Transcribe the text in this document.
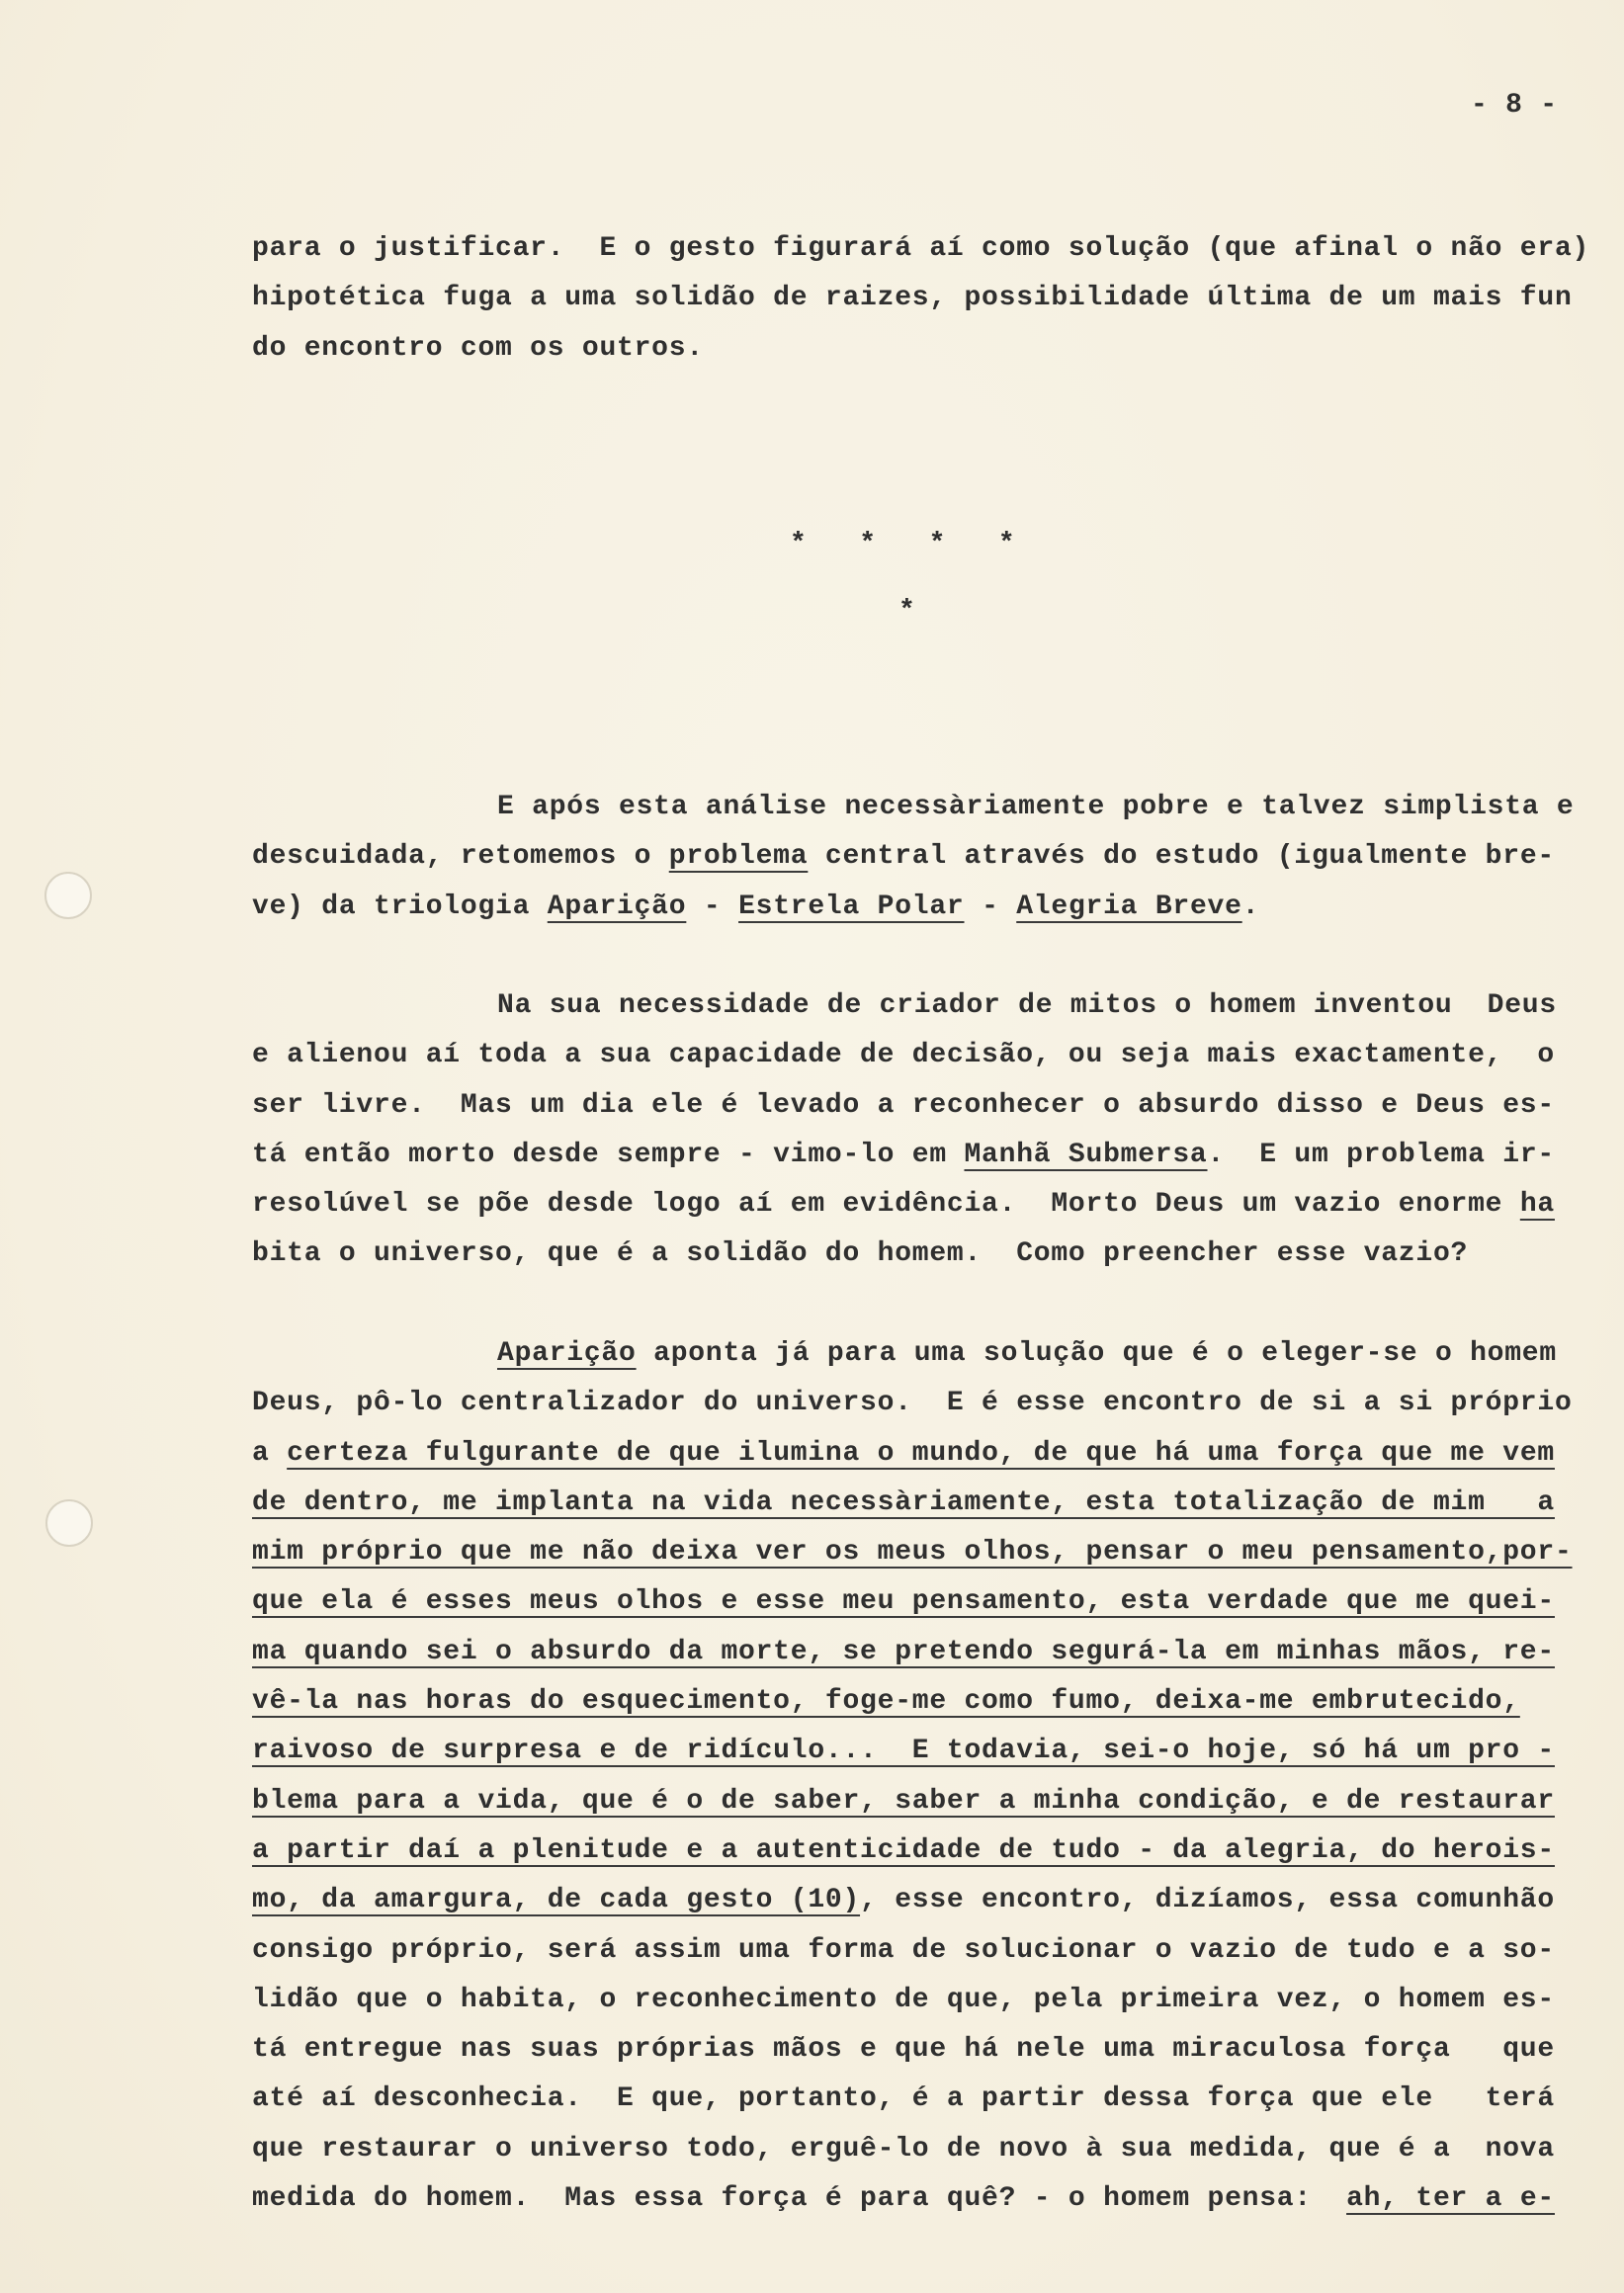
- 8 -
para o justificar.  E o gesto figurará aí como solução (que afinal o não era)
hipotética fuga a uma solidão de raizes, possibilidade última de um mais fun
do encontro com os outros.
*   *   *   *
*
E após esta análise necessàriamente pobre e talvez simplista e
descuidada, retomemos o problema central através do estudo (igualmente bre-
ve) da triologia Aparição - Estrela Polar - Alegria Breve.
Na sua necessidade de criador de mitos o homem inventou  Deus
e alienou aí toda a sua capacidade de decisão, ou seja mais exactamente,  o
ser livre.  Mas um dia ele é levado a reconhecer o absurdo disso e Deus es-
tá então morto desde sempre - vimo-lo em Manhã Submersa.  E um problema ir-
resolúvel se põe desde logo aí em evidência.  Morto Deus um vazio enorme ha
bita o universo, que é a solidão do homem.  Como preencher esse vazio?
Aparição aponta já para uma solução que é o eleger-se o homem
Deus, pô-lo centralizador do universo.  E é esse encontro de si a si próprio
a certeza fulgurante de que ilumina o mundo, de que há uma força que me vem
de dentro, me implanta na vida necessàriamente, esta totalização de mim   a
mim próprio que me não deixa ver os meus olhos, pensar o meu pensamento,por-
que ela é esses meus olhos e esse meu pensamento, esta verdade que me quei-
ma quando sei o absurdo da morte, se pretendo segurá-la em minhas mãos, re-
vê-la nas horas do esquecimento, foge-me como fumo, deixa-me embrutecido,
raivoso de surpresa e de ridículo...  E todavia, sei-o hoje, só há um pro -
blema para a vida, que é o de saber, saber a minha condição, e de restaurar
a partir daí a plenitude e a autenticidade de tudo - da alegria, do herois-
mo, da amargura, de cada gesto (10), esse encontro, dizíamos, essa comunhão
consigo próprio, será assim uma forma de solucionar o vazio de tudo e a so-
lidão que o habita, o reconhecimento de que, pela primeira vez, o homem es-
tá entregue nas suas próprias mãos e que há nele uma miraculosa força   que
até aí desconhecia.  E que, portanto, é a partir dessa força que ele   terá
que restaurar o universo todo, erguê-lo de novo à sua medida, que é a  nova
medida do homem.  Mas essa força é para quê? - o homem pensa:  ah, ter a e-
